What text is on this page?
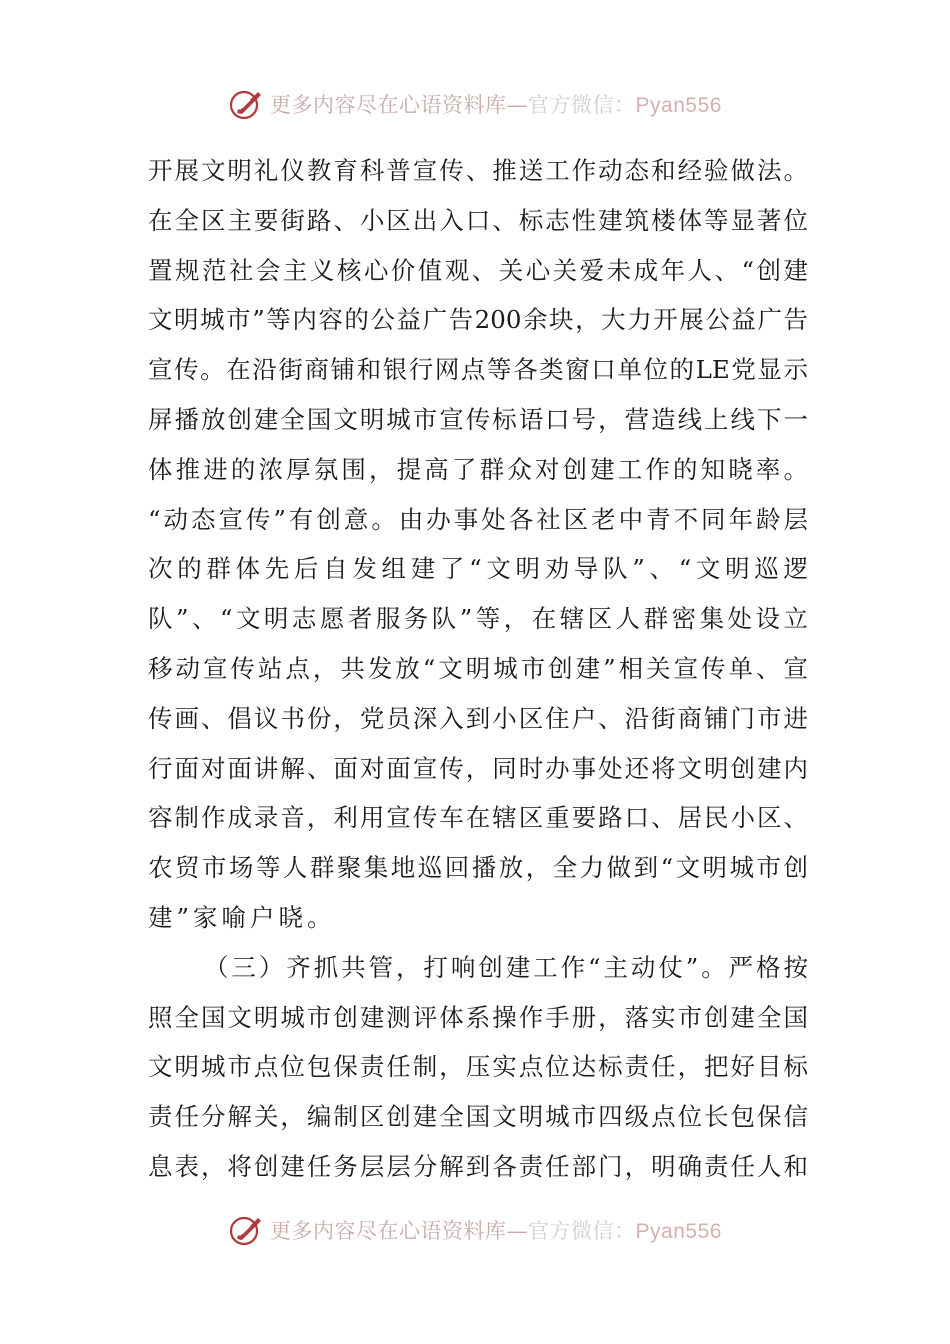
更多内容尽在心语资料库—官方微信：Pyan556
开展文明礼仪教育科普宣传、推送工作动态和经验做法。
在全区主要街路、小区出入口、标志性建筑楼体等显著位
置规范社会主义核心价值观、关心关爱未成年人、“创建
文明城市”等内容的公益广告200余块，大力开展公益广告
宣传。在沿街商铺和银行网点等各类窗口单位的LE党显示
屏播放创建全国文明城市宣传标语口号，营造线上线下一
体推进的浓厚氛围，提高了群众对创建工作的知晓率。
“动态宣传”有创意。由办事处各社区老中青不同年龄层
次的群体先后自发组建了“文明劝导队”、“文明巡逻
队”、“文明志愿者服务队”等，在辖区人群密集处设立
移动宣传站点，共发放“文明城市创建”相关宣传单、宣
传画、倡议书份，党员深入到小区住户、沿街商铺门市进
行面对面讲解、面对面宣传，同时办事处还将文明创建内
容制作成录音，利用宣传车在辖区重要路口、居民小区、
农贸市场等人群聚集地巡回播放，全力做到“文明城市创
建”家喻户晓。
（三）齐抓共管，打响创建工作“主动仗”。严格按
照全国文明城市创建测评体系操作手册，落实市创建全国
文明城市点位包保责任制，压实点位达标责任，把好目标
责任分解关，编制区创建全国文明城市四级点位长包保信
息表，将创建任务层层分解到各责任部门，明确责任人和
更多内容尽在心语资料库—官方微信：Pyan556
